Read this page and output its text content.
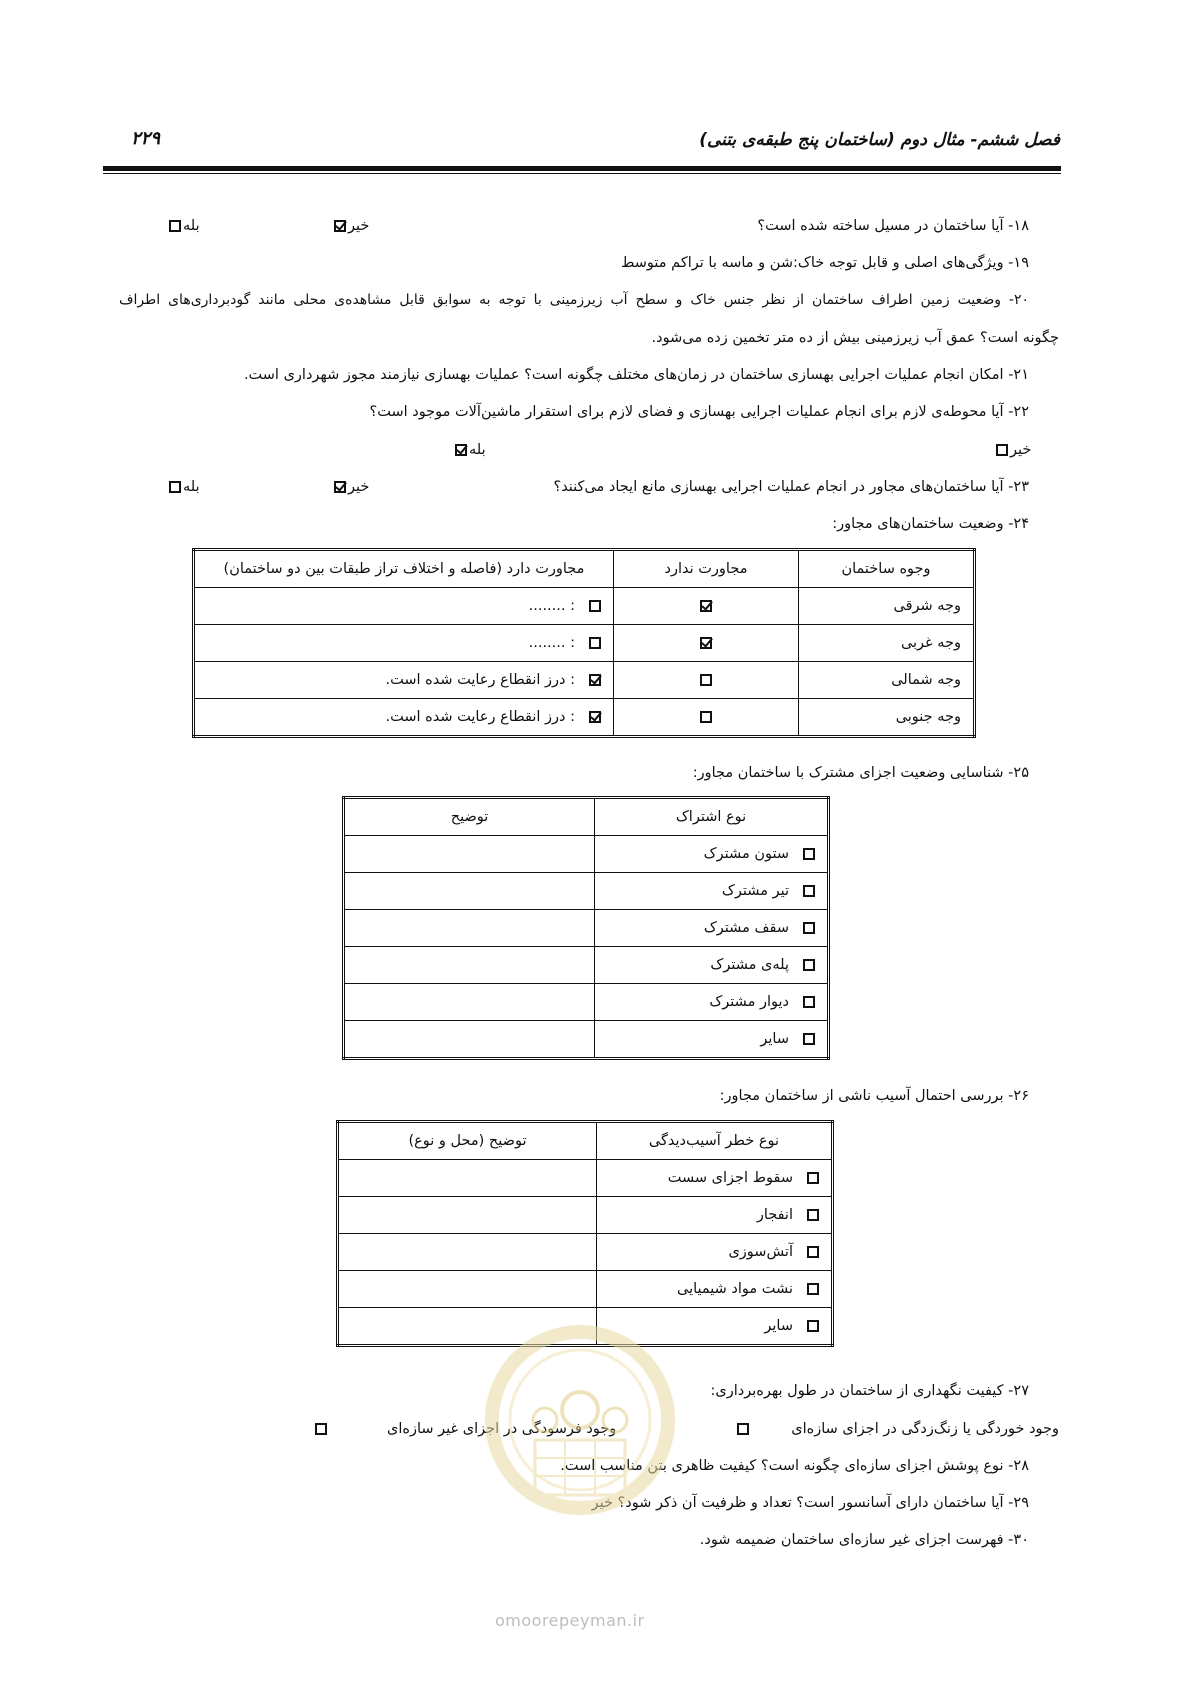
فصل ششم- مثال دوم (ساختمان پنج طبقه‌ی بتنی)
۲۲۹
۱۸- آیا ساختمان در مسیل ساخته شده است؟
خیر
بله
۱۹- ویژگی‌های اصلی و قابل توجه خاک:شن و ماسه با تراکم متوسط
۲۰- وضعیت زمین اطراف ساختمان از نظر جنس خاک و سطح آب زیرزمینی با توجه به سوابق قابل مشاهده‌ی محلی مانند گودبرداری‌های اطراف
چگونه است؟ عمق آب زیرزمینی بیش از ده متر تخمین زده می‌شود.
۲۱- امکان انجام عملیات اجرایی بهسازی ساختمان در زمان‌های مختلف چگونه است؟ عملیات بهسازی نیازمند مجوز شهرداری است.
۲۲- آیا محوطه‌ی لازم برای انجام عملیات اجرایی بهسازی و فضای لازم برای استقرار ماشین‌آلات موجود است؟
بله	خیر
۲۳- آیا ساختمان‌های مجاور در انجام عملیات اجرایی بهسازی مانع ایجاد می‌کنند؟
خیر
بله
۲۴- وضعیت ساختمان‌های مجاور:
وجوه ساختمان	مجاورت ندارد	مجاورت دارد (فاصله و اختلاف تراز طبقات بین دو ساختمان)
وجه شرقی		: ........

وجه غربی		: ........

وجه شمالی		: درز انقطاع رعایت شده است.

وجه جنوبی		: درز انقطاع رعایت شده است.
۲۵- شناسایی وضعیت اجزای مشترک با ساختمان مجاور:
نوع اشتراک	توضیح

ستون مشترک	

تیر مشترک	

سقف مشترک	

پله‌ی مشترک	

دیوار مشترک	

سایر	

۲۶- بررسی احتمال آسیب ناشی از ساختمان مجاور:
نوع خطر آسیب‌دیدگی	توضیح (محل و نوع)

سقوط اجزای سست	

انفجار	

آتش‌سوزی	

نشت مواد شیمیایی	

سایر	

۲۷- کیفیت نگهداری از ساختمان در طول بهره‌برداری:
وجود خوردگی یا زنگ‌زدگی در اجزای سازه‌ای
وجود فرسودگی در اجزای غیر سازه‌ای
۲۸- نوع پوشش اجزای سازه‌ای چگونه است؟ کیفیت ظاهری بتن مناسب است.
۲۹- آیا ساختمان دارای آسانسور است؟ تعداد و ظرفیت آن ذکر شود؟ خیر
۳۰- فهرست اجزای غیر سازه‌ای ساختمان ضمیمه شود.
omoorepeyman.ir
